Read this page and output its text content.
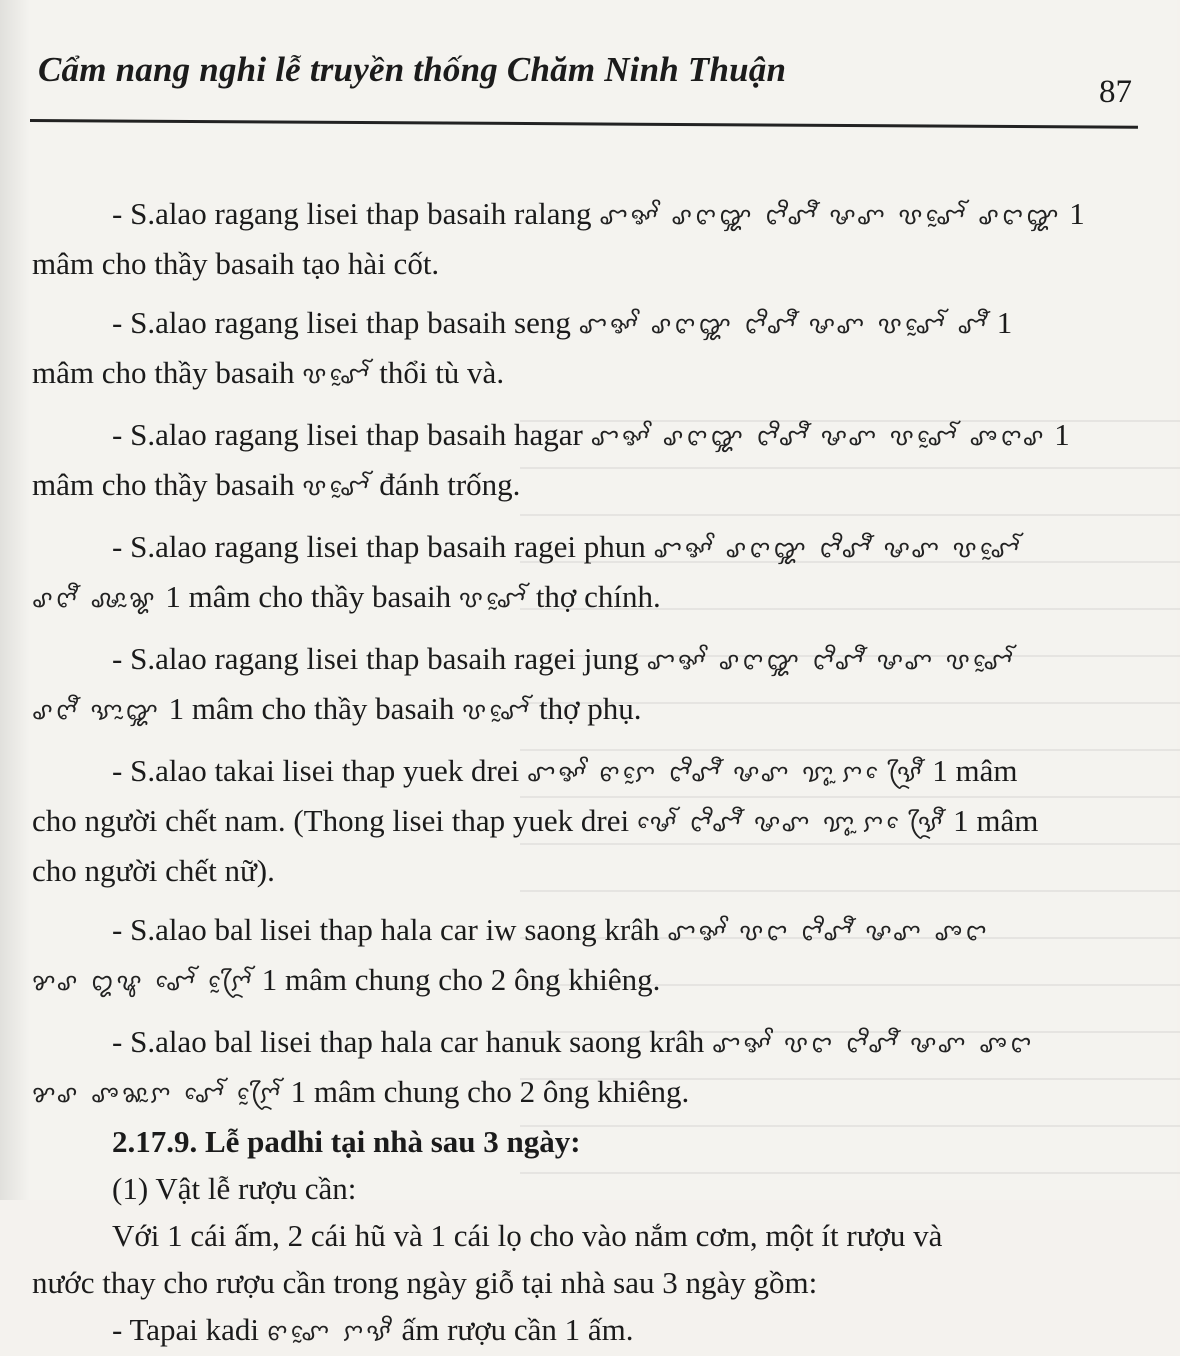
Cẩm nang nghi lễ truyền thống Chăm Ninh Thuận
87
- S.alao ragang lisei thap basaih ralang ꨧꨀꨩ ꨣꨈꨒ ꨤꨪꨧꨬ ꨔꨚ ꨝꨧꨰꨱ ꨣꨤꨒ 1
mâm cho thầy basaih tạo hài cốt.
- S.alao ragang lisei thap basaih seng ꨧꨀꨩ ꨣꨈꨒ ꨤꨪꨧꨬ ꨔꨚ ꨝꨧꨰꨱ ꨧꨬ 1
mâm cho thầy basaih ꨝꨧꨰꨱ thổi tù và.
- S.alao ragang lisei thap basaih hagar ꨧꨀꨩ ꨣꨈꨒ ꨤꨪꨧꨬ ꨔꨚ ꨝꨧꨰꨱ ꨨꨈꨣ 1
mâm cho thầy basaih ꨝꨧꨰꨱ đánh trống.
- S.alao ragang lisei thap basaih ragei phun ꨧꨀꨩ ꨣꨈꨒ ꨤꨪꨧꨬ ꨔꨚ ꨝꨧꨰꨱ
ꨣꨈꨬ ꨜꨭꨘ 1 mâm cho thầy basaih ꨝꨧꨰꨱ thợ chính.
- S.alao ragang lisei thap basaih ragei jung ꨧꨀꨩ ꨣꨈꨒ ꨤꨪꨧꨬ ꨔꨚ ꨝꨧꨰꨱ
ꨣꨈꨬ ꨎꨭꨒ 1 mâm cho thầy basaih ꨝꨧꨰꨱ thợ phụ.
- S.alao takai lisei thap yuek drei ꨧꨀꨩ ꨓꨆꨰ ꨤꨪꨧꨬ ꨔꨚ ꨢꨶꨭꨆ ꨯꨕꨴꨬ 1 mâm
cho người chết nam. (Thong lisei thap yuek drei ꨔꨯꨱ ꨤꨪꨧꨬ ꨔꨚ ꨢꨶꨭꨆ ꨯꨕꨴꨬ 1 mâm
cho người chết nữ).
- S.alao bal lisei thap hala car iw saong krâh ꨧꨀꨩ ꨝꨤ ꨤꨪꨧꨬ ꨔꨚ ꨨꨤ
ꨌꨣ ꨁꨥ ꨧꨯꨱ ꨆꨴꨰꨱ 1 mâm chung cho 2 ông khiêng.
- S.alao bal lisei thap hala car hanuk saong krâh ꨧꨀꨩ ꨝꨤ ꨤꨪꨧꨬ ꨔꨚ ꨨꨤ
ꨌꨣ ꨨꨗꨭꨆ ꨧꨯꨱ ꨆꨴꨰꨱ 1 mâm chung cho 2 ông khiêng.
2.17.9. Lễ padhi tại nhà sau 3 ngày:
(1) Vật lễ rượu cần:
Với 1 cái ấm, 2 cái hũ và 1 cái lọ cho vào nắm cơm, một ít rượu và
nước thay cho rượu cần trong ngày giỗ tại nhà sau 3 ngày gồm:
- Tapai kadi ꨓꨚꨰ ꨆꨕꨪ ấm rượu cần 1 ấm.
